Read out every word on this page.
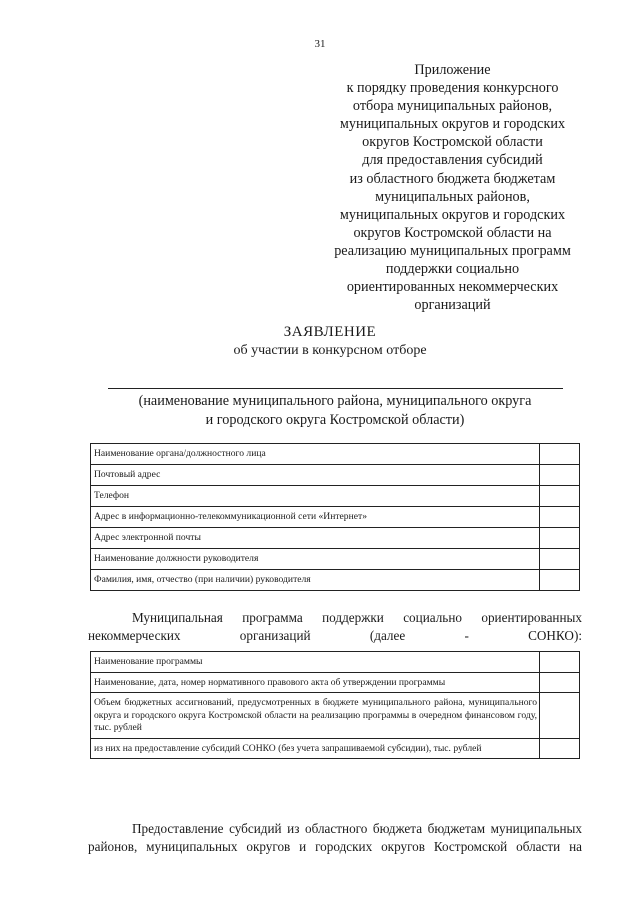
31
Приложение
к порядку проведения конкурсного
отбора муниципальных районов,
муниципальных округов и городских
округов Костромской области
для предоставления субсидий
из областного бюджета бюджетам
муниципальных районов,
муниципальных округов и городских
округов Костромской области на
реализацию муниципальных программ
поддержки социально
ориентированных некоммерческих
организаций
ЗАЯВЛЕНИЕ
об участии в конкурсном отборе
(наименование муниципального района, муниципального округа
и городского округа Костромской области)
Наименование органа/должностного лица	
Почтовый адрес	
Телефон	
Адрес в информационно-телекоммуникационной сети «Интернет»	
Адрес электронной почты	
Наименование должности руководителя	
Фамилия, имя, отчество (при наличии) руководителя	
Муниципальная программа поддержки социально ориентированных некоммерческих организаций (далее - СОНКО):
Наименование программы	
Наименование, дата, номер нормативного правового акта об утверждении программы	
Объем бюджетных ассигнований, предусмотренных в бюджете муниципального района, муниципального округа и городского округа Костромской области на реализацию программы в очередном финансовом году, тыс. рублей	
из них на предоставление субсидий СОНКО (без учета запрашиваемой субсидии), тыс. рублей	
Предоставление субсидий из областного бюджета бюджетам муниципальных районов, муниципальных округов и городских округов Костромской области на
